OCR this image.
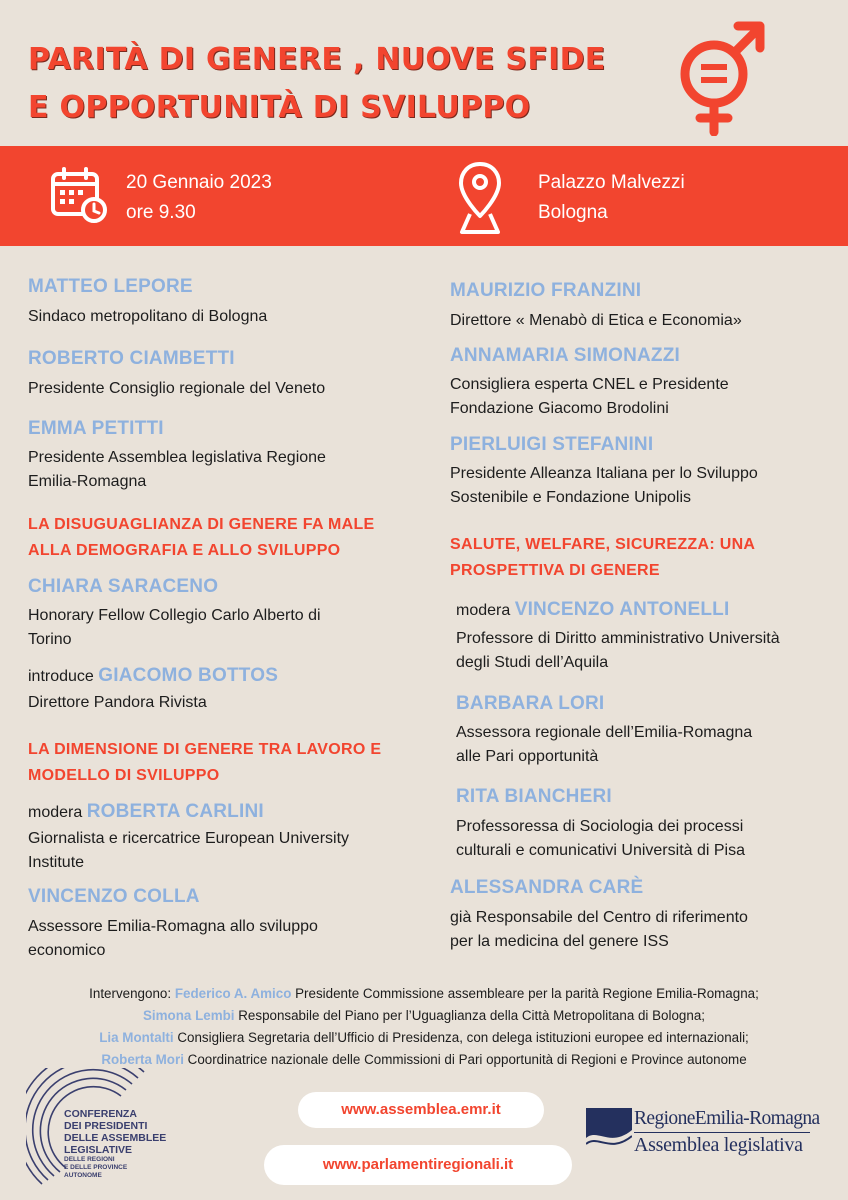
PARITÀ DI GENERE , NUOVE SFIDE
E OPPORTUNITÀ DI SVILUPPO
20 Gennaio 2023
ore 9.30
Palazzo Malvezzi
Bologna
MATTEO LEPORE
Sindaco metropolitano di Bologna
ROBERTO CIAMBETTI
Presidente Consiglio regionale del Veneto
EMMA PETITTI
Presidente Assemblea legislativa Regione
Emilia-Romagna
LA DISUGUAGLIANZA DI GENERE FA MALE
ALLA DEMOGRAFIA E ALLO SVILUPPO
CHIARA SARACENO
Honorary Fellow Collegio Carlo Alberto di
Torino
introduce GIACOMO BOTTOS
Direttore Pandora Rivista
LA DIMENSIONE DI GENERE TRA LAVORO E
MODELLO DI SVILUPPO
modera ROBERTA CARLINI
Giornalista e ricercatrice European University
Institute
VINCENZO COLLA
Assessore Emilia-Romagna allo sviluppo
economico
MAURIZIO FRANZINI
Direttore « Menabò di Etica e Economia»
ANNAMARIA SIMONAZZI
Consigliera esperta CNEL e Presidente
Fondazione Giacomo Brodolini
PIERLUIGI STEFANINI
Presidente Alleanza Italiana per lo Sviluppo
Sostenibile e Fondazione Unipolis
SALUTE, WELFARE, SICUREZZA: UNA
PROSPETTIVA DI GENERE
modera VINCENZO ANTONELLI
Professore di Diritto amministrativo Università
degli Studi dell’Aquila
BARBARA LORI
Assessora regionale dell’Emilia-Romagna
alle Pari opportunità
RITA BIANCHERI
Professoressa di Sociologia dei processi
culturali e comunicativi Università di Pisa
ALESSANDRA CARÈ
già Responsabile del Centro di riferimento
per la medicina del genere ISS
Intervengono: Federico A. Amico Presidente Commissione assembleare per la parità Regione Emilia-Romagna;
Simona Lembi Responsabile del Piano per l’Uguaglianza della Città Metropolitana di Bologna;
Lia Montalti Consigliera Segretaria dell’Ufficio di Presidenza, con delega istituzioni europee ed internazionali;
Roberta Mori Coordinatrice nazionale delle Commissioni di Pari opportunità di Regioni e Province autonome
CONFERENZA
DEI PRESIDENTI
DELLE ASSEMBLEE
LEGISLATIVE
DELLE REGIONI
E DELLE PROVINCE
AUTONOME
www.assemblea.emr.it
www.parlamentiregionali.it
RegioneEmilia-Romagna
Assemblea legislativa
